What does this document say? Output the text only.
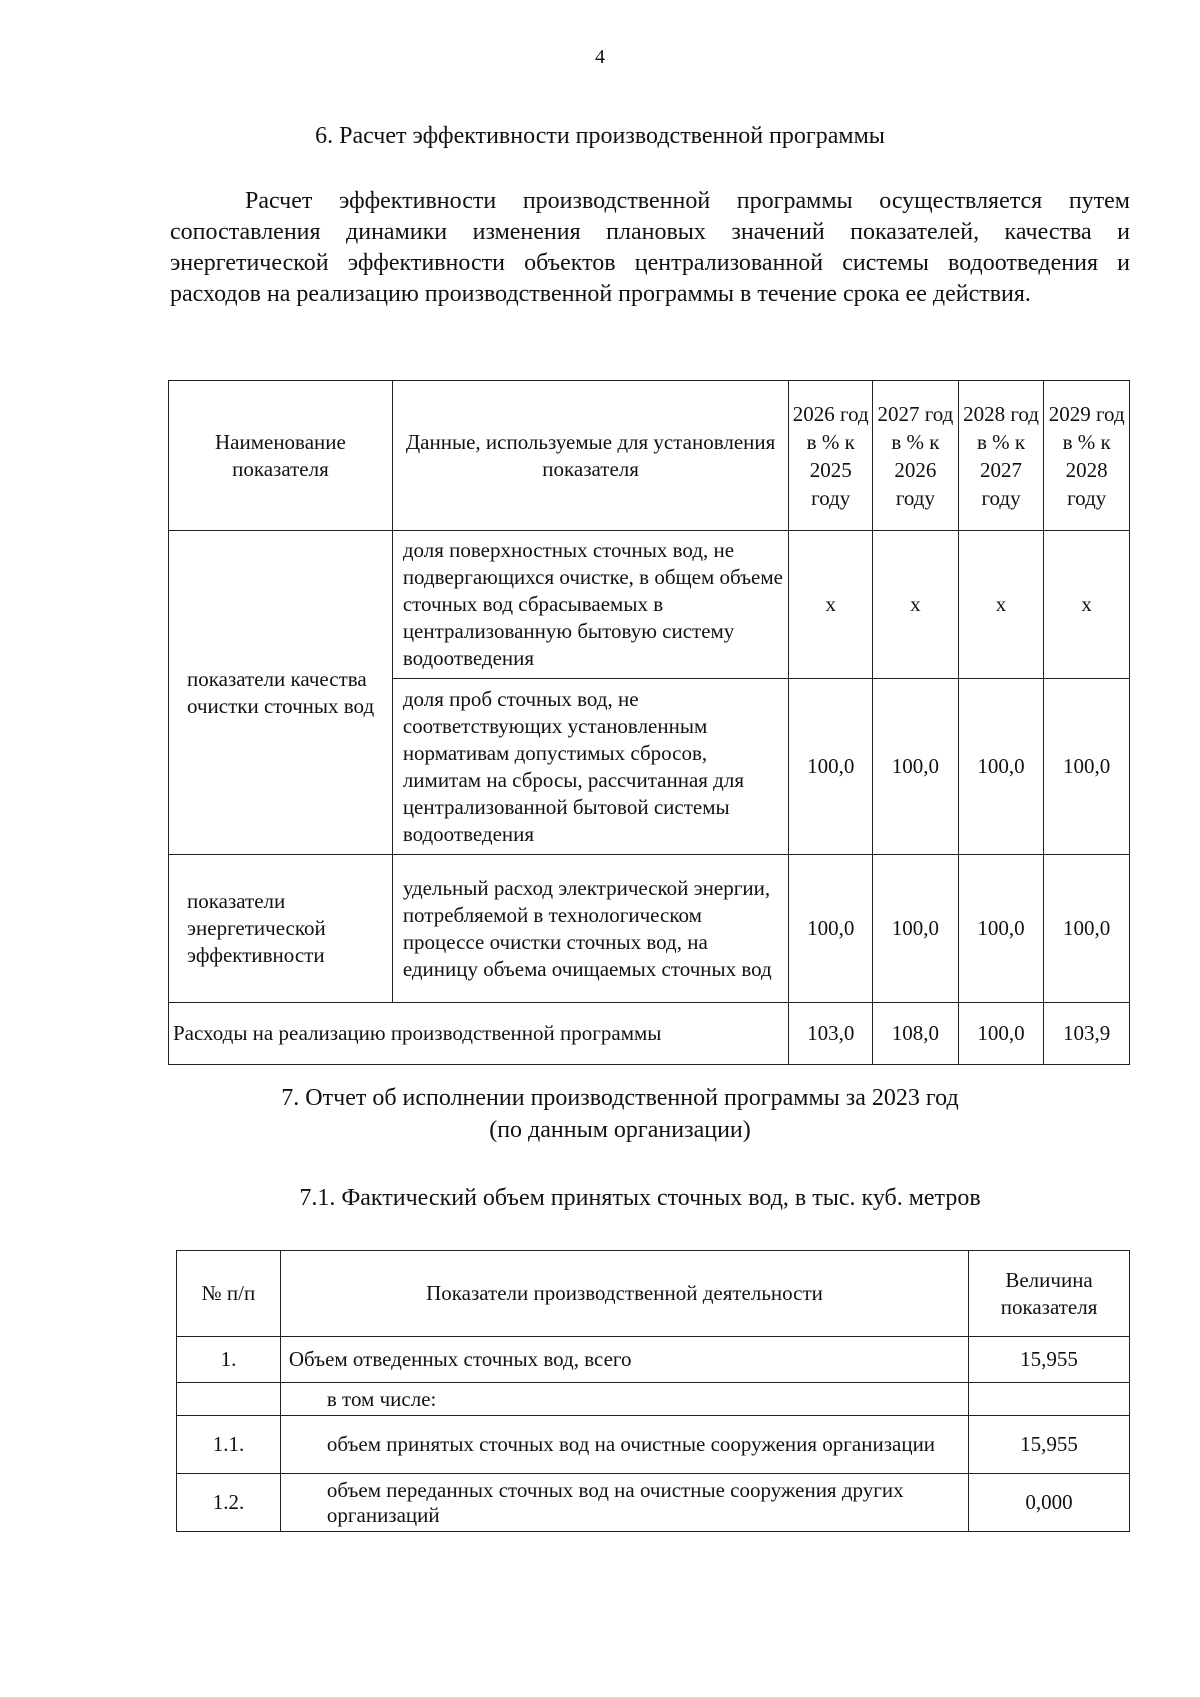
4
6. Расчет эффективности производственной программы
Расчет эффективности производственной программы осуществляется путем сопоставления динамики изменения плановых значений показателей, качества и энергетической эффективности объектов централизованной системы водоотведения и расходов на реализацию производственной программы в течение срока ее действия.
Наименование показателя	Данные, используемые для установления показателя	2026 год в % к 2025 году	2027 год в % к 2026 году	2028 год в % к 2027 году	2029 год в % к 2028 году
показатели качества очистки сточных вод	доля поверхностных сточных вод, не подвергающихся очистке, в общем объеме сточных вод сбрасываемых в централизованную бытовую систему водоотведения	x	x	x	x
	доля проб сточных вод, не соответствующих установленным нормативам допустимых сбросов, лимитам на сбросы, рассчитанная для централизованной бытовой системы водоотведения	100,0	100,0	100,0	100,0
показатели энергетической эффективности	удельный расход электрической энергии, потребляемой в технологическом процессе очистки сточных вод, на единицу объема очищаемых сточных вод	100,0	100,0	100,0	100,0
Расходы на реализацию производственной программы		103,0	108,0	100,0	103,9
7. Отчет об исполнении производственной программы за 2023 год
(по данным организации)
7.1. Фактический объем принятых сточных вод, в тыс. куб. метров
№ п/п	Показатели производственной деятельности	Величина показателя
1.	Объем отведенных сточных вод, всего	15,955
	в том числе:	
1.1.	объем принятых сточных вод на очистные сооружения организации	15,955
1.2.	объем переданных сточных вод на очистные сооружения других организаций	0,000
